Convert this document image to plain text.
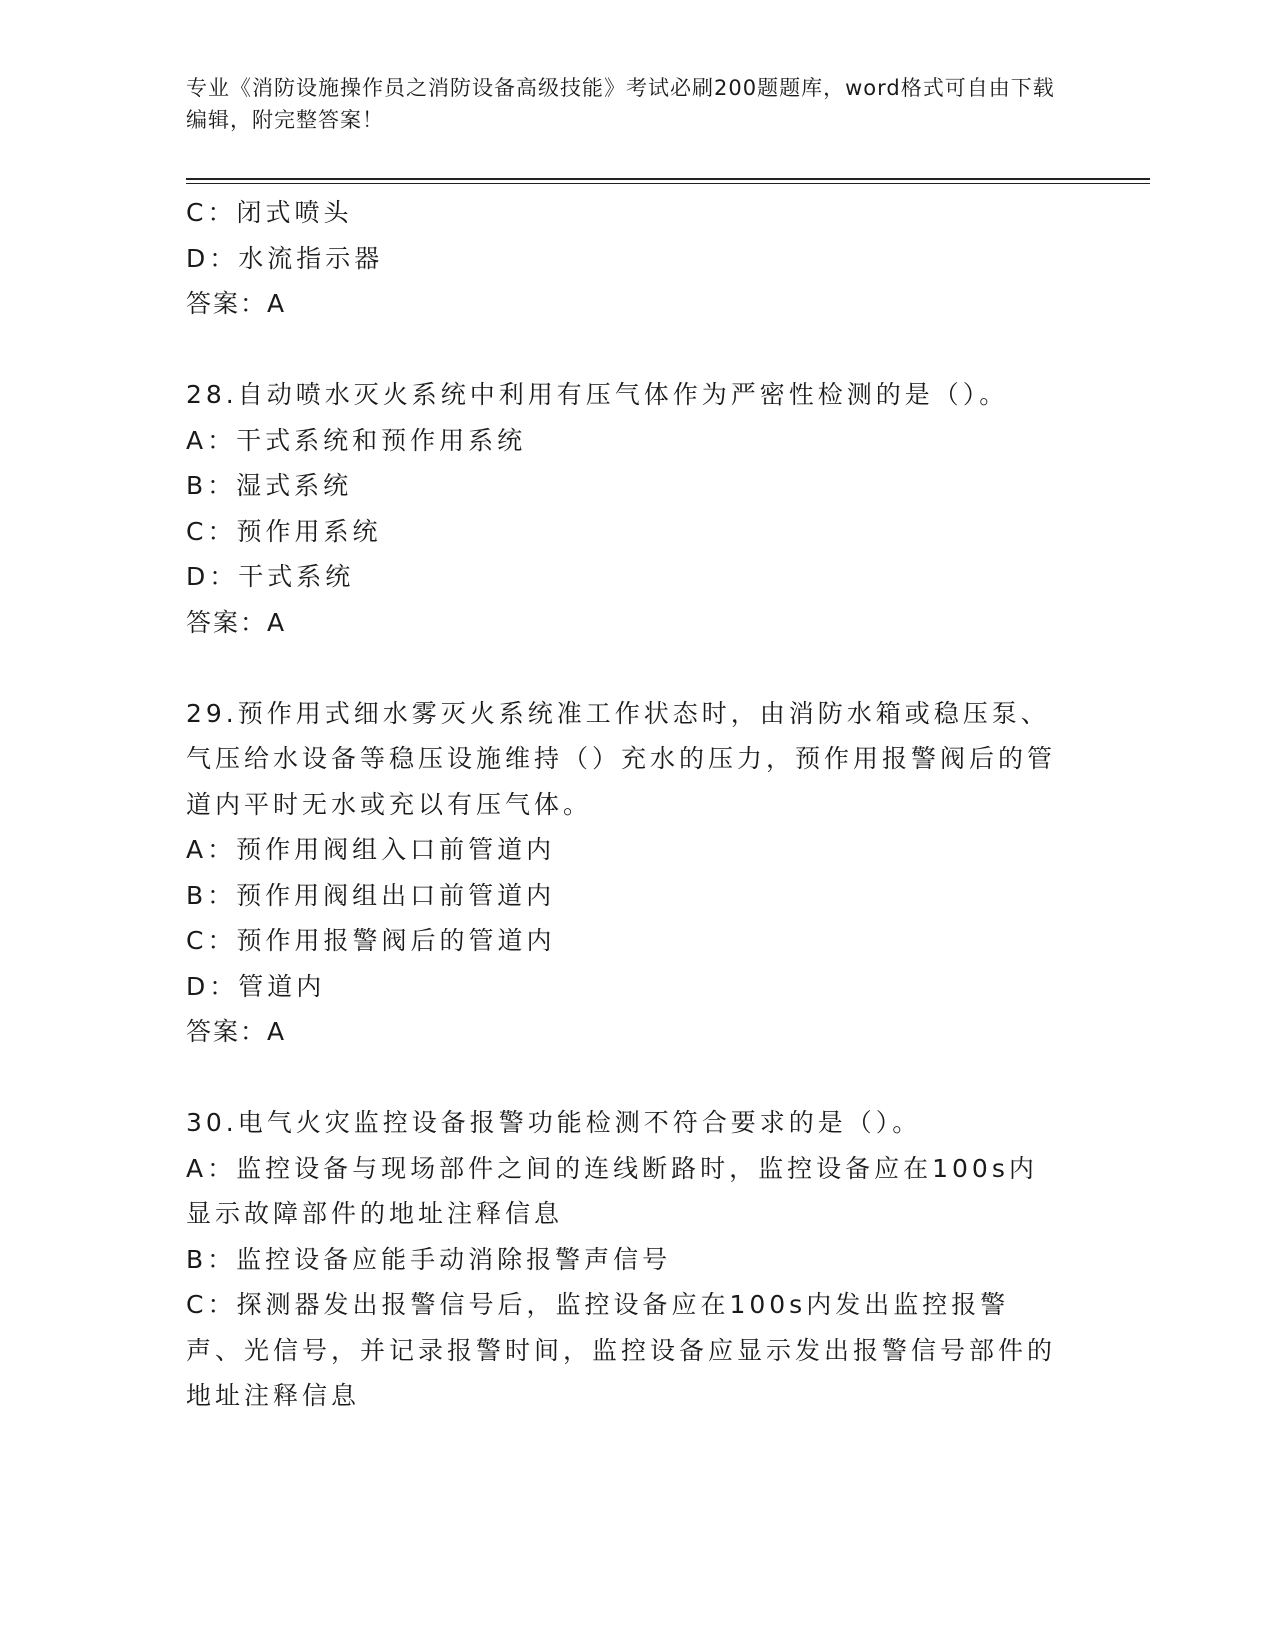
专业《消防设施操作员之消防设备高级技能》考试必刷200题题库，word格式可自由下载编辑，附完整答案！
C：闭式喷头
D：水流指示器
答案：A
28.自动喷水灭火系统中利用有压气体作为严密性检测的是（）。
A：干式系统和预作用系统
B：湿式系统
C：预作用系统
D：干式系统
答案：A
29.预作用式细水雾灭火系统准工作状态时，由消防水箱或稳压泵、气压给水设备等稳压设施维持（）充水的压力，预作用报警阀后的管道内平时无水或充以有压气体。
A：预作用阀组入口前管道内
B：预作用阀组出口前管道内
C：预作用报警阀后的管道内
D：管道内
答案：A
30.电气火灾监控设备报警功能检测不符合要求的是（）。
A：监控设备与现场部件之间的连线断路时，监控设备应在100s内显示故障部件的地址注释信息
B：监控设备应能手动消除报警声信号
C：探测器发出报警信号后，监控设备应在100s内发出监控报警声、光信号，并记录报警时间，监控设备应显示发出报警信号部件的地址注释信息
